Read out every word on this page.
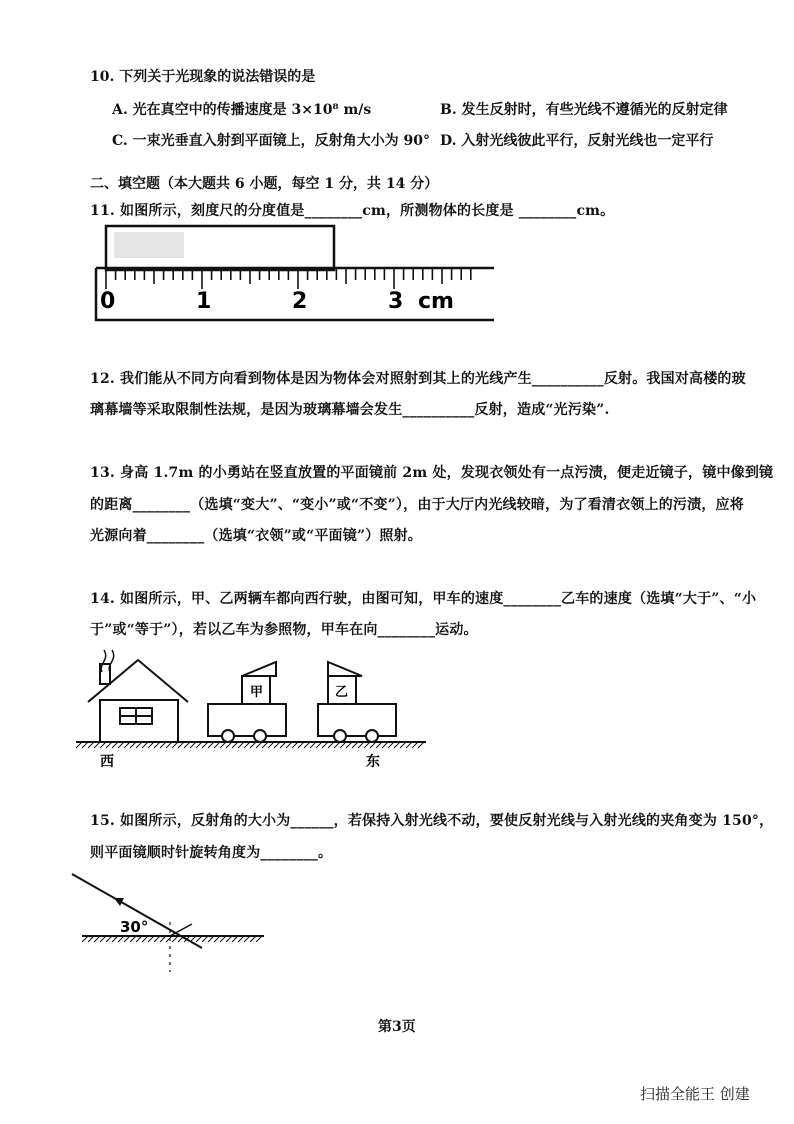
10. 下列关于光现象的说法错误的是
A. 光在真空中的传播速度是 3×10⁸ m/s	B. 发生反射时，有些光线不遵循光的反射定律
C. 一束光垂直入射到平面镜上，反射角大小为 90° D. 入射光线彼此平行，反射光线也一定平行
二、填空题（本大题共 6 小题，每空 1 分，共 14 分）
11. 如图所示，刻度尺的分度值是________cm，所测物体的长度是 ________cm。
0	1	2	3 cm
12. 我们能从不同方向看到物体是因为物体会对照射到其上的光线产生__________反射。我国对高楼的玻
璃幕墙等采取限制性法规，是因为玻璃幕墙会发生__________反射，造成“光污染”.
13. 身高 1.7m 的小勇站在竖直放置的平面镜前 2m 处，发现衣领处有一点污渍，便走近镜子，镜中像到镜
的距离________（选填“变大”、“变小”或“不变”），由于大厅内光线较暗，为了看清衣领上的污渍，应将
光源向着________（选填“衣领”或“平面镜”）照射。
14. 如图所示，甲、乙两辆车都向西行驶，由图可知，甲车的速度________乙车的速度（选填“大于”、“小
于”或“等于”），若以乙车为参照物，甲车在向________运动。
甲	乙
西	东
15. 如图所示，反射角的大小为______，若保持入射光线不动，要使反射光线与入射光线的夹角变为 150°，
则平面镜顺时针旋转角度为________。
30°
第3页
扫描全能王 创建
